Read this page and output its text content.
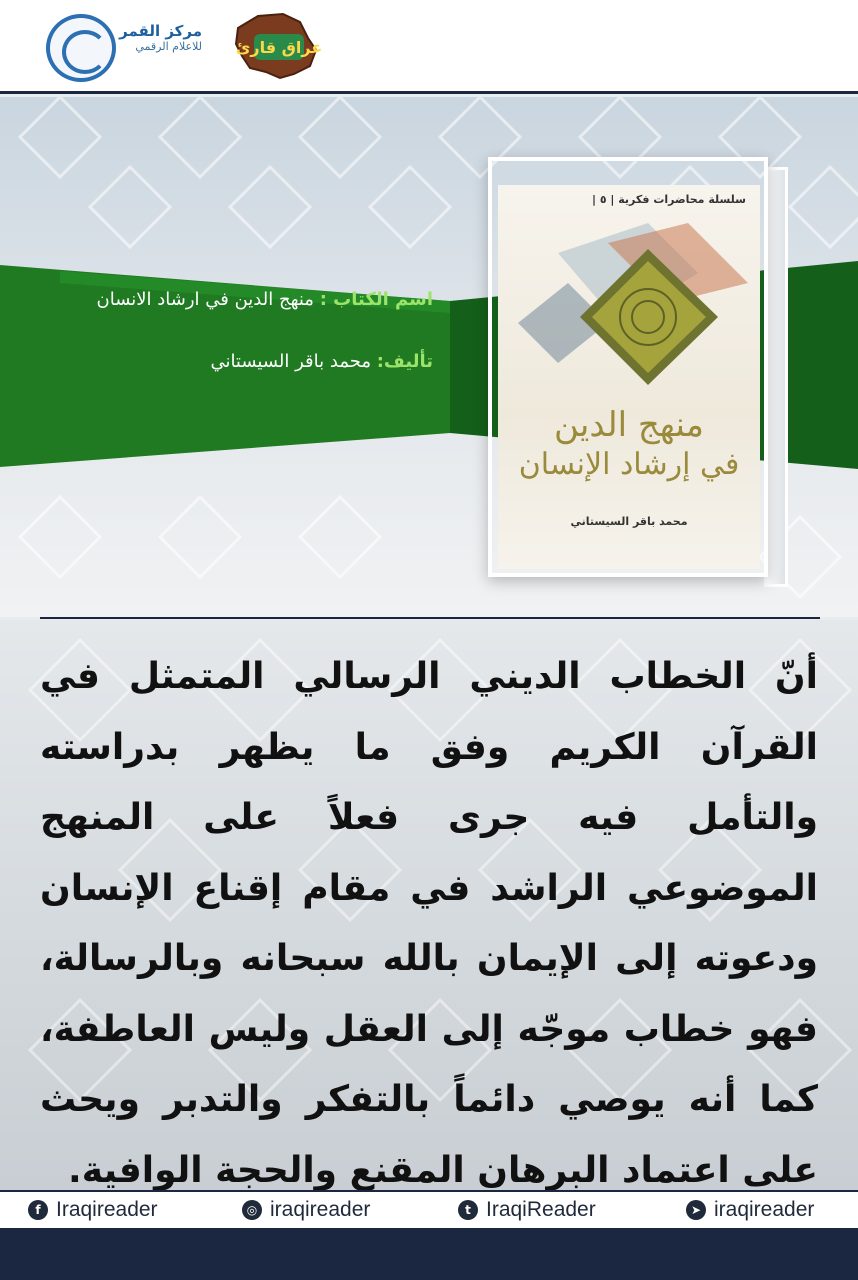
مركز القمر
للاعلام الرقمي عراق قارئ
اسم الكتاب : منهج الدين في ارشاد الانسان
تأليف: محمد باقر السيستاني
سلسلة محاضرات فكرية | ٥ |
منهج الدين
في إرشاد الإنسان
محمد باقر السيستاني
أنّ الخطاب الديني الرسالي المتمثل في القرآن الكريم وفق ما يظهر بدراسته والتأمل فيه جرى فعلاً على المنهج الموضوعي الراشد في مقام إقناع الإنسان ودعوته إلى الإيمان بالله سبحانه وبالرسالة، فهو خطاب موجّه إلى العقل وليس العاطفة، كما أنه يوصي دائماً بالتفكر والتدبر ويحث على اعتماد البرهان المقنع والحجة الوافية.
f Iraqireader	◎ iraqireader	t IraqiReader	➤ iraqireader
